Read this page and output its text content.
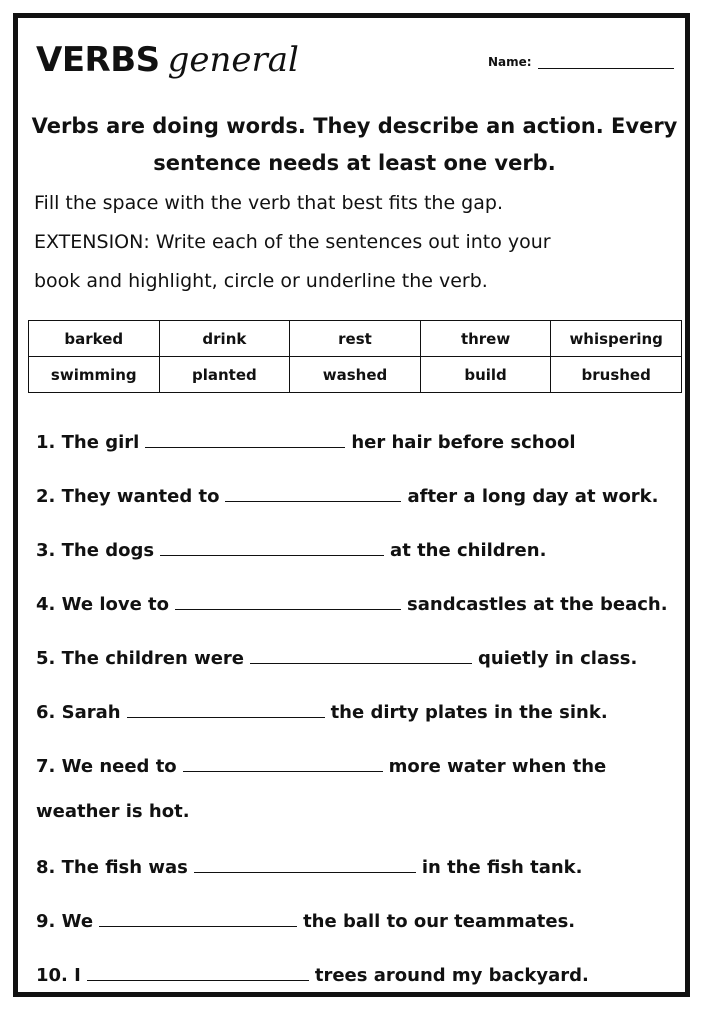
VERBS general	Name:
Verbs are doing words. They describe an action. Every
sentence needs at least one verb.
Fill the space with the verb that best fits the gap.
EXTENSION: Write each of the sentences out into your
book and highlight, circle or underline the verb.
barked	drink	rest	threw	whispering
swimming	planted	washed	build	brushed
1. The girl	her hair before school
2. They wanted to	after a long day at work.
3. The dogs	at the children.
4. We love to	sandcastles at the beach.
5. The children were	quietly in class.
6. Sarah	the dirty plates in the sink.
7. We need to	more water when the
weather is hot.
8. The fish was	in the fish tank.
9. We	the ball to our teammates.
10. I	trees around my backyard.
